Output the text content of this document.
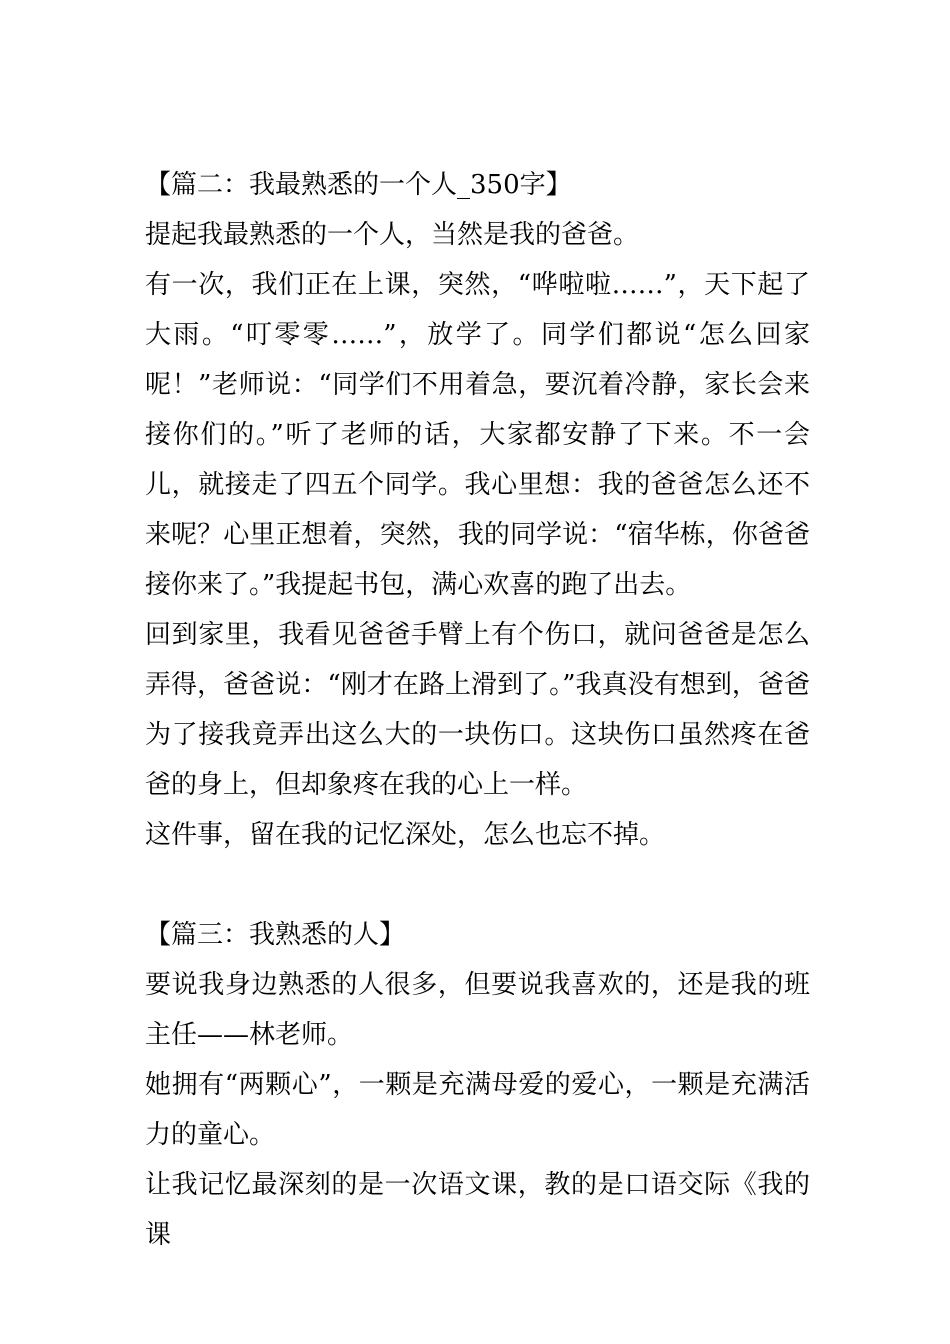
【篇二：我最熟悉的一个人_350字】

提起我最熟悉的一个人，当然是我的爸爸。

有一次，我们正在上课，突然，“哗啦啦……”，天下起了大雨。“叮零零……”，放学了。同学们都说“怎么回家呢！”老师说：“同学们不用着急，要沉着冷静，家长会来接你们的。”听了老师的话，大家都安静了下来。不一会儿，就接走了四五个同学。我心里想：我的爸爸怎么还不来呢？心里正想着，突然，我的同学说：“宿华栋，你爸爸接你来了。”我提起书包，满心欢喜的跑了出去。

回到家里，我看见爸爸手臂上有个伤口，就问爸爸是怎么弄得，爸爸说：“刚才在路上滑到了。”我真没有想到，爸爸为了接我竟弄出这么大的一块伤口。这块伤口虽然疼在爸爸的身上，但却象疼在我的心上一样。

这件事，留在我的记忆深处，怎么也忘不掉。

【篇三：我熟悉的人】

要说我身边熟悉的人很多，但要说我喜欢的，还是我的班主任——林老师。

她拥有“两颗心”，一颗是充满母爱的爱心，一颗是充满活力的童心。

让我记忆最深刻的是一次语文课，教的是口语交际《我的课
